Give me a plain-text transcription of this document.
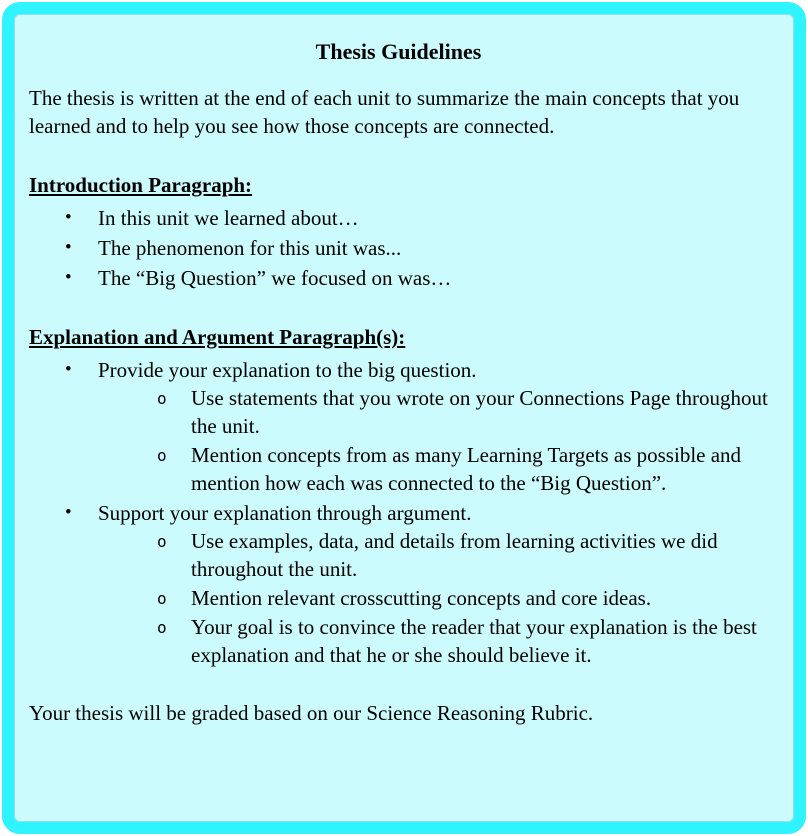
Thesis Guidelines

The thesis is written at the end of each unit to summarize the main concepts that you learned and to help you see how those concepts are connected.

Introduction Paragraph:
• In this unit we learned about…
• The phenomenon for this unit was...
• The “Big Question” we focused on was…
Explanation and Argument Paragraph(s):
• Provide your explanation to the big question.
o Use statements that you wrote on your Connections Page throughout the unit.
o Mention concepts from as many Learning Targets as possible and mention how each was connected to the “Big Question”.
• Support your explanation through argument.
o Use examples, data, and details from learning activities we did throughout the unit.
o Mention relevant crosscutting concepts and core ideas.
o Your goal is to convince the reader that your explanation is the best explanation and that he or she should believe it.

Your thesis will be graded based on our Science Reasoning Rubric.
